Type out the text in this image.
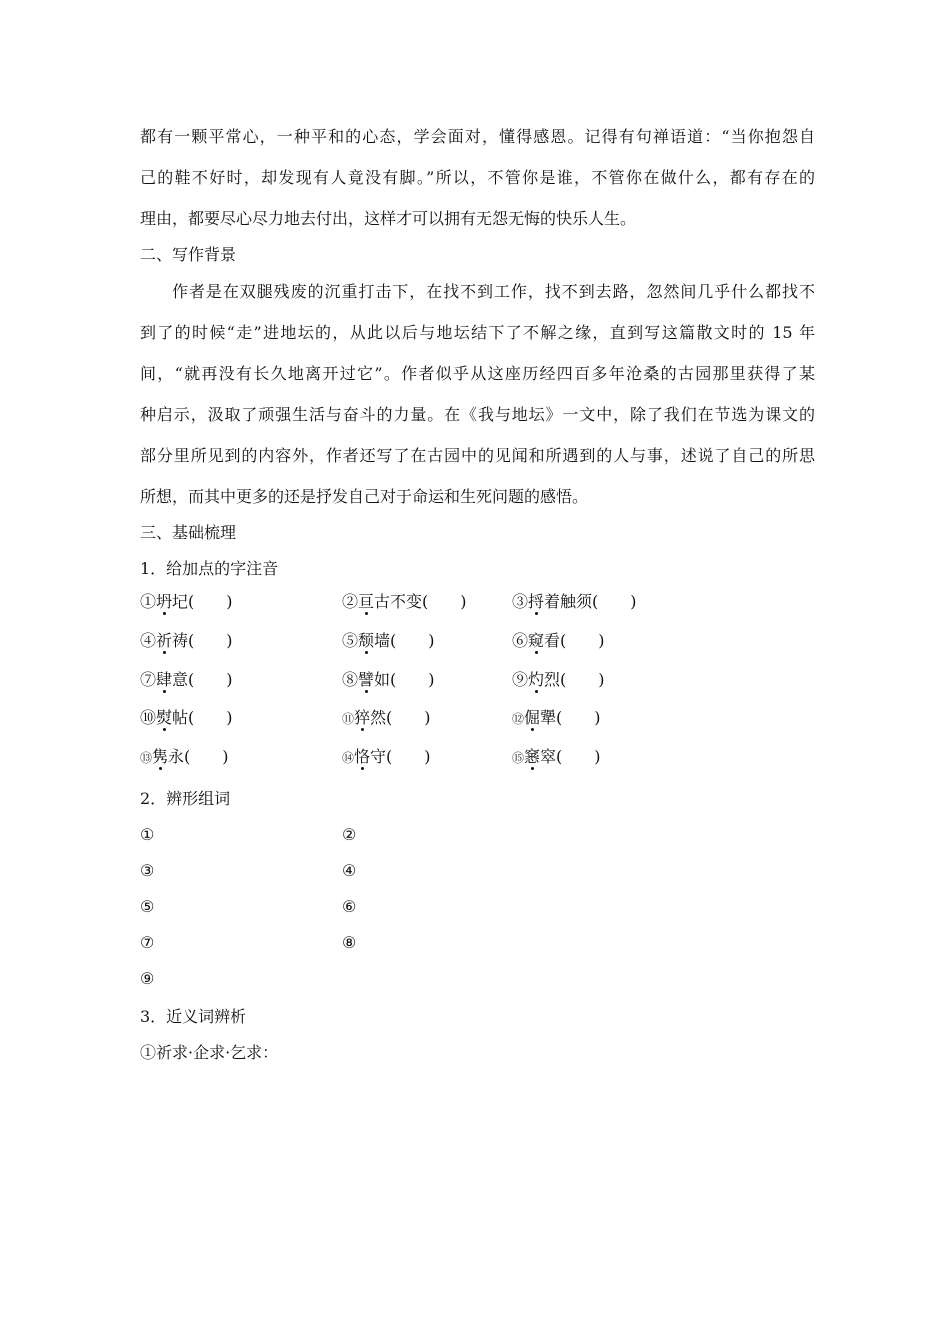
都有一颗平常心，一种平和的心态，学会面对，懂得感恩。记得有句禅语道：“当你抱怨自
己的鞋不好时，却发现有人竟没有脚。”所以，不管你是谁，不管你在做什么，都有存在的
理由，都要尽心尽力地去付出，这样才可以拥有无怨无悔的快乐人生。
二、写作背景
作者是在双腿残废的沉重打击下，在找不到工作，找不到去路，忽然间几乎什么都找不
到了的时候“走”进地坛的，从此以后与地坛结下了不解之缘，直到写这篇散文时的 15 年
间，“就再没有长久地离开过它”。作者似乎从这座历经四百多年沧桑的古园那里获得了某
种启示，汲取了顽强生活与奋斗的力量。在《我与地坛》一文中，除了我们在节选为课文的
部分里所见到的内容外，作者还写了在古园中的见闻和所遇到的人与事，述说了自己的所思
所想，而其中更多的还是抒发自己对于命运和生死问题的感悟。
三、基础梳理
1．给加点的字注音
①坍圮(　　)	②亘古不变(　　)	③捋着触须(　　)
④祈祷(　　)	⑤颓墙(　　)	⑥窥看(　　)
⑦肆意(　　)	⑧譬如(　　)	⑨灼烈(　　)
⑩熨帖(　　)	⑪猝然(　　)	⑫倔犟(　　)
⑬隽永(　　)	⑭恪守(　　)	⑮窸窣(　　)
2．辨形组词
①	②
③	④
⑤	⑥
⑦	⑧
⑨
3．近义词辨析
①祈求·企求·乞求：
